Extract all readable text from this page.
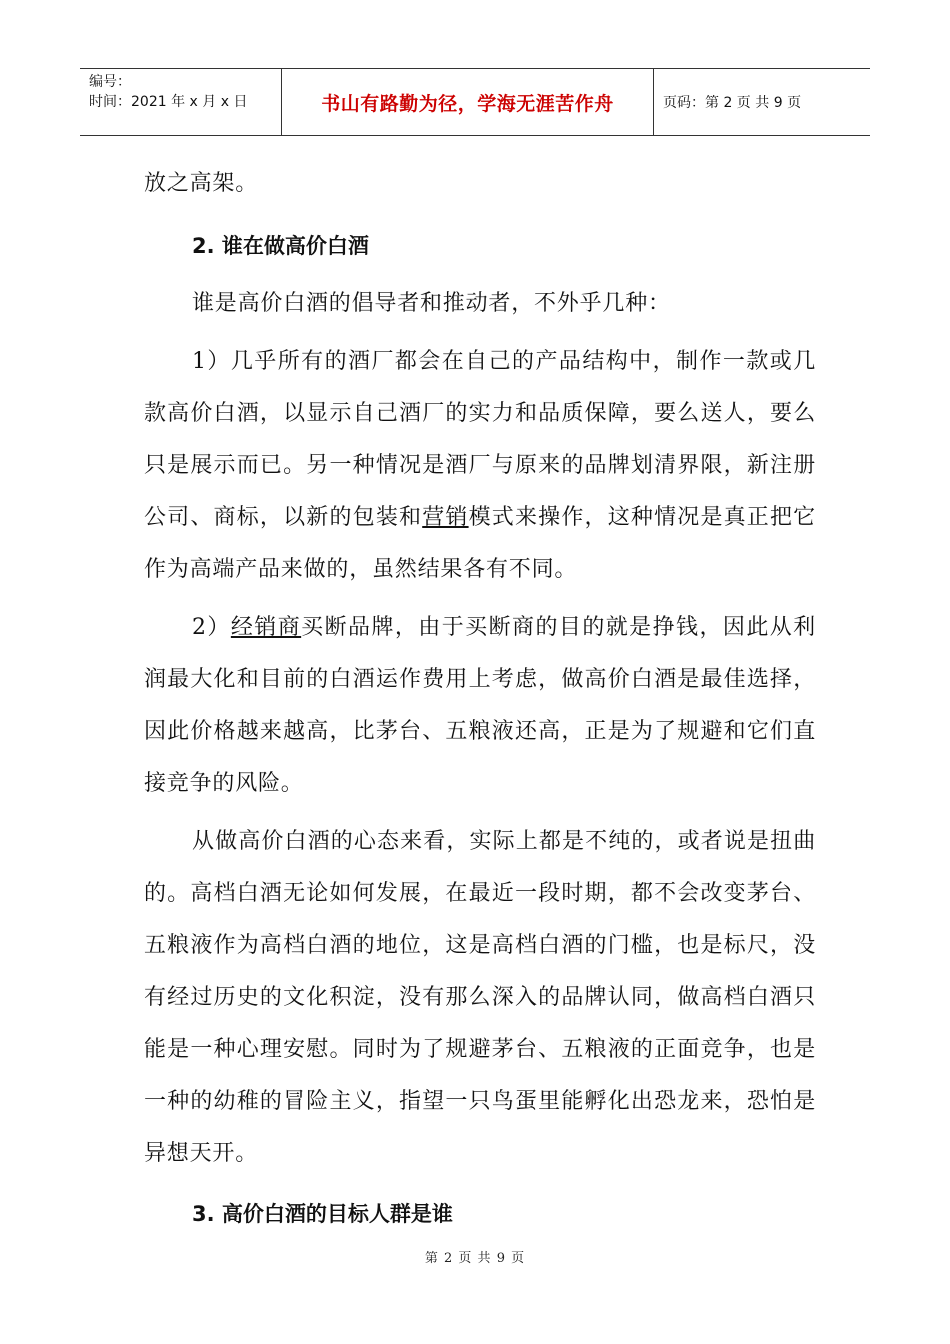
编号：
时间：2021 年 x 月 x 日	书山有路勤为径，学海无涯苦作舟	页码：第 2 页 共 9 页

放之高架。

2. 谁在做高价白酒

谁是高价白酒的倡导者和推动者，不外乎几种：

1）几乎所有的酒厂都会在自己的产品结构中，制作一款或几款高价白酒，以显示自己酒厂的实力和品质保障，要么送人，要么只是展示而已。另一种情况是酒厂与原来的品牌划清界限，新注册公司、商标，以新的包装和营销模式来操作，这种情况是真正把它作为高端产品来做的，虽然结果各有不同。

2）经销商买断品牌，由于买断商的目的就是挣钱，因此从利润最大化和目前的白酒运作费用上考虑，做高价白酒是最佳选择，因此价格越来越高，比茅台、五粮液还高，正是为了规避和它们直接竞争的风险。

从做高价白酒的心态来看，实际上都是不纯的，或者说是扭曲的。高档白酒无论如何发展，在最近一段时期，都不会改变茅台、五粮液作为高档白酒的地位，这是高档白酒的门槛，也是标尺，没有经过历史的文化积淀，没有那么深入的品牌认同，做高档白酒只能是一种心理安慰。同时为了规避茅台、五粮液的正面竞争，也是一种的幼稚的冒险主义，指望一只鸟蛋里能孵化出恐龙来，恐怕是异想天开。

3. 高价白酒的目标人群是谁

第 2 页 共 9 页
